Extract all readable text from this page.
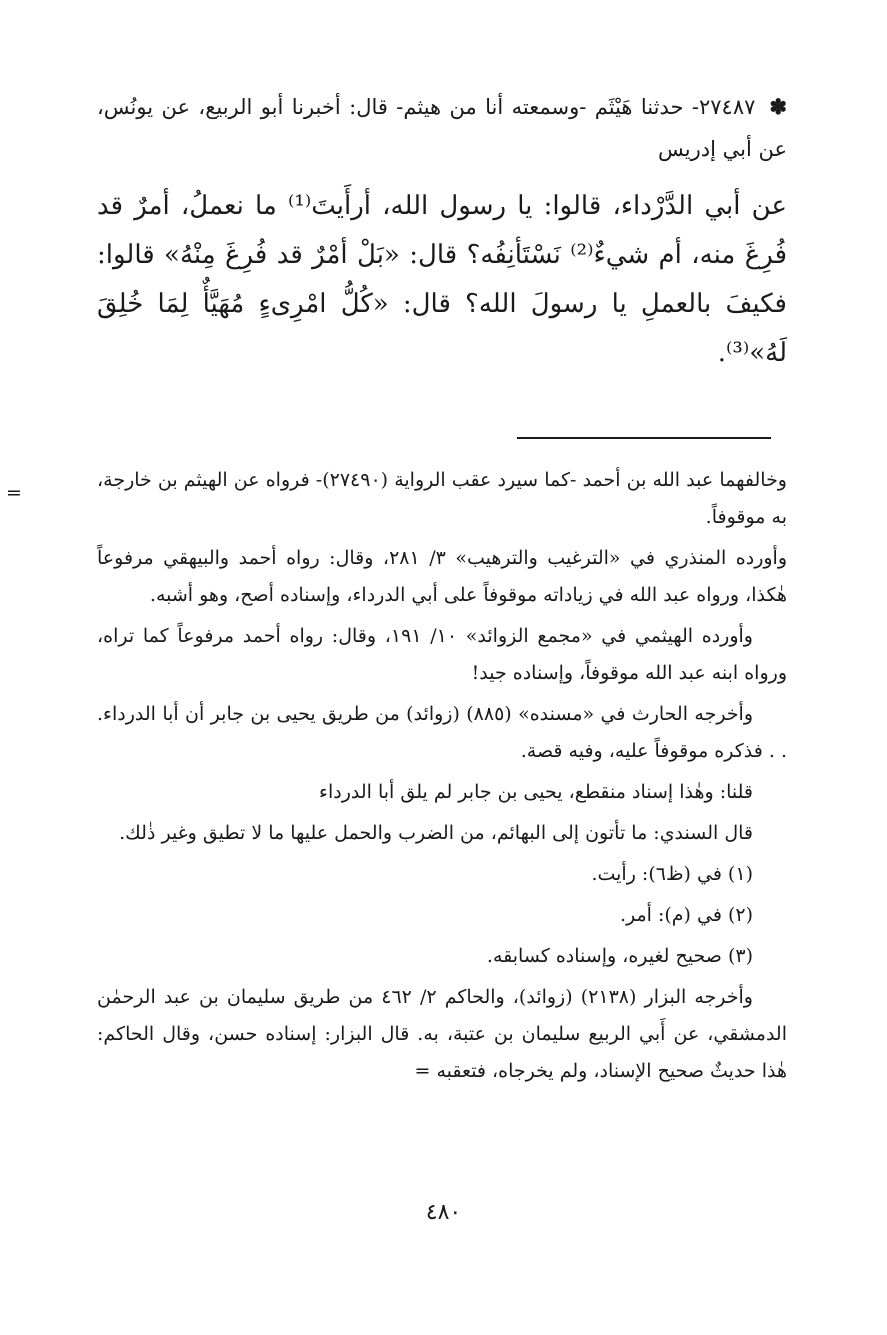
✽٢٧٤٨٧- حدثنا هَيْثَم -وسمعته أنا من هيثم- قال: أخبرنا أبو الربيع، عن يونُس، عن أبي إدريس

عن أبي الدَّرْداء، قالوا: يا رسول الله، أرأَيتَ⁽¹⁾ ما نعملُ، أمرٌ قد فُرِغَ منه، أم شيءٌ⁽²⁾ نَسْتَأنِفُه؟ قال: «بَلْ أمْرٌ قد فُرِغَ مِنْهُ» قالوا: فكيفَ بالعملِ يا رسولَ الله؟ قال: «كُلُّ امْرِىءٍ مُهَيَّأٌ لِمَا خُلِقَ لَهُ»⁽³⁾.

وخالفهما عبد الله بن أحمد -كما سيرد عقب الرواية (٢٧٤٩٠)- فرواه عن الهيثم بن خارجة، به موقوفاً.

وأورده المنذري في «الترغيب والترهيب» ٣/ ٢٨١، وقال: رواه أحمد والبيهقي مرفوعاً هٰكذا، ورواه عبد الله في زياداته موقوفاً على أبي الدرداء، وإسناده أصح، وهو أشبه.

وأورده الهيثمي في «مجمع الزوائد» ١٠/ ١٩١، وقال: رواه أحمد مرفوعاً كما تراه، ورواه ابنه عبد الله موقوفاً، وإسناده جيد!

وأخرجه الحارث في «مسنده» (٨٨٥) (زوائد) من طريق يحيى بن جابر أن أبا الدرداء. . . فذكره موقوفاً عليه، وفيه قصة.

قلنا: وهٰذا إسناد منقطع، يحيى بن جابر لم يلق أبا الدرداء

قال السندي: ما تأتون إلى البهائم، من الضرب والحمل عليها ما لا تطيق وغير ذٰلك.

(١) في (ظ٦): رأيت.

(٢) في (م): أمر.

(٣) صحيح لغيره، وإسناده كسابقه.

وأخرجه البزار (٢١٣٨) (زوائد)، والحاكم ٢/ ٤٦٢ من طريق سليمان بن عبد الرحمٰن الدمشقي، عن أَبي الربيع سليمان بن عتبة، به. قال البزار: إسناده حسن، وقال الحاكم: هٰذا حديثٌ صحيح الإسناد، ولم يخرجاه، فتعقبه =

=
٤٨٠
